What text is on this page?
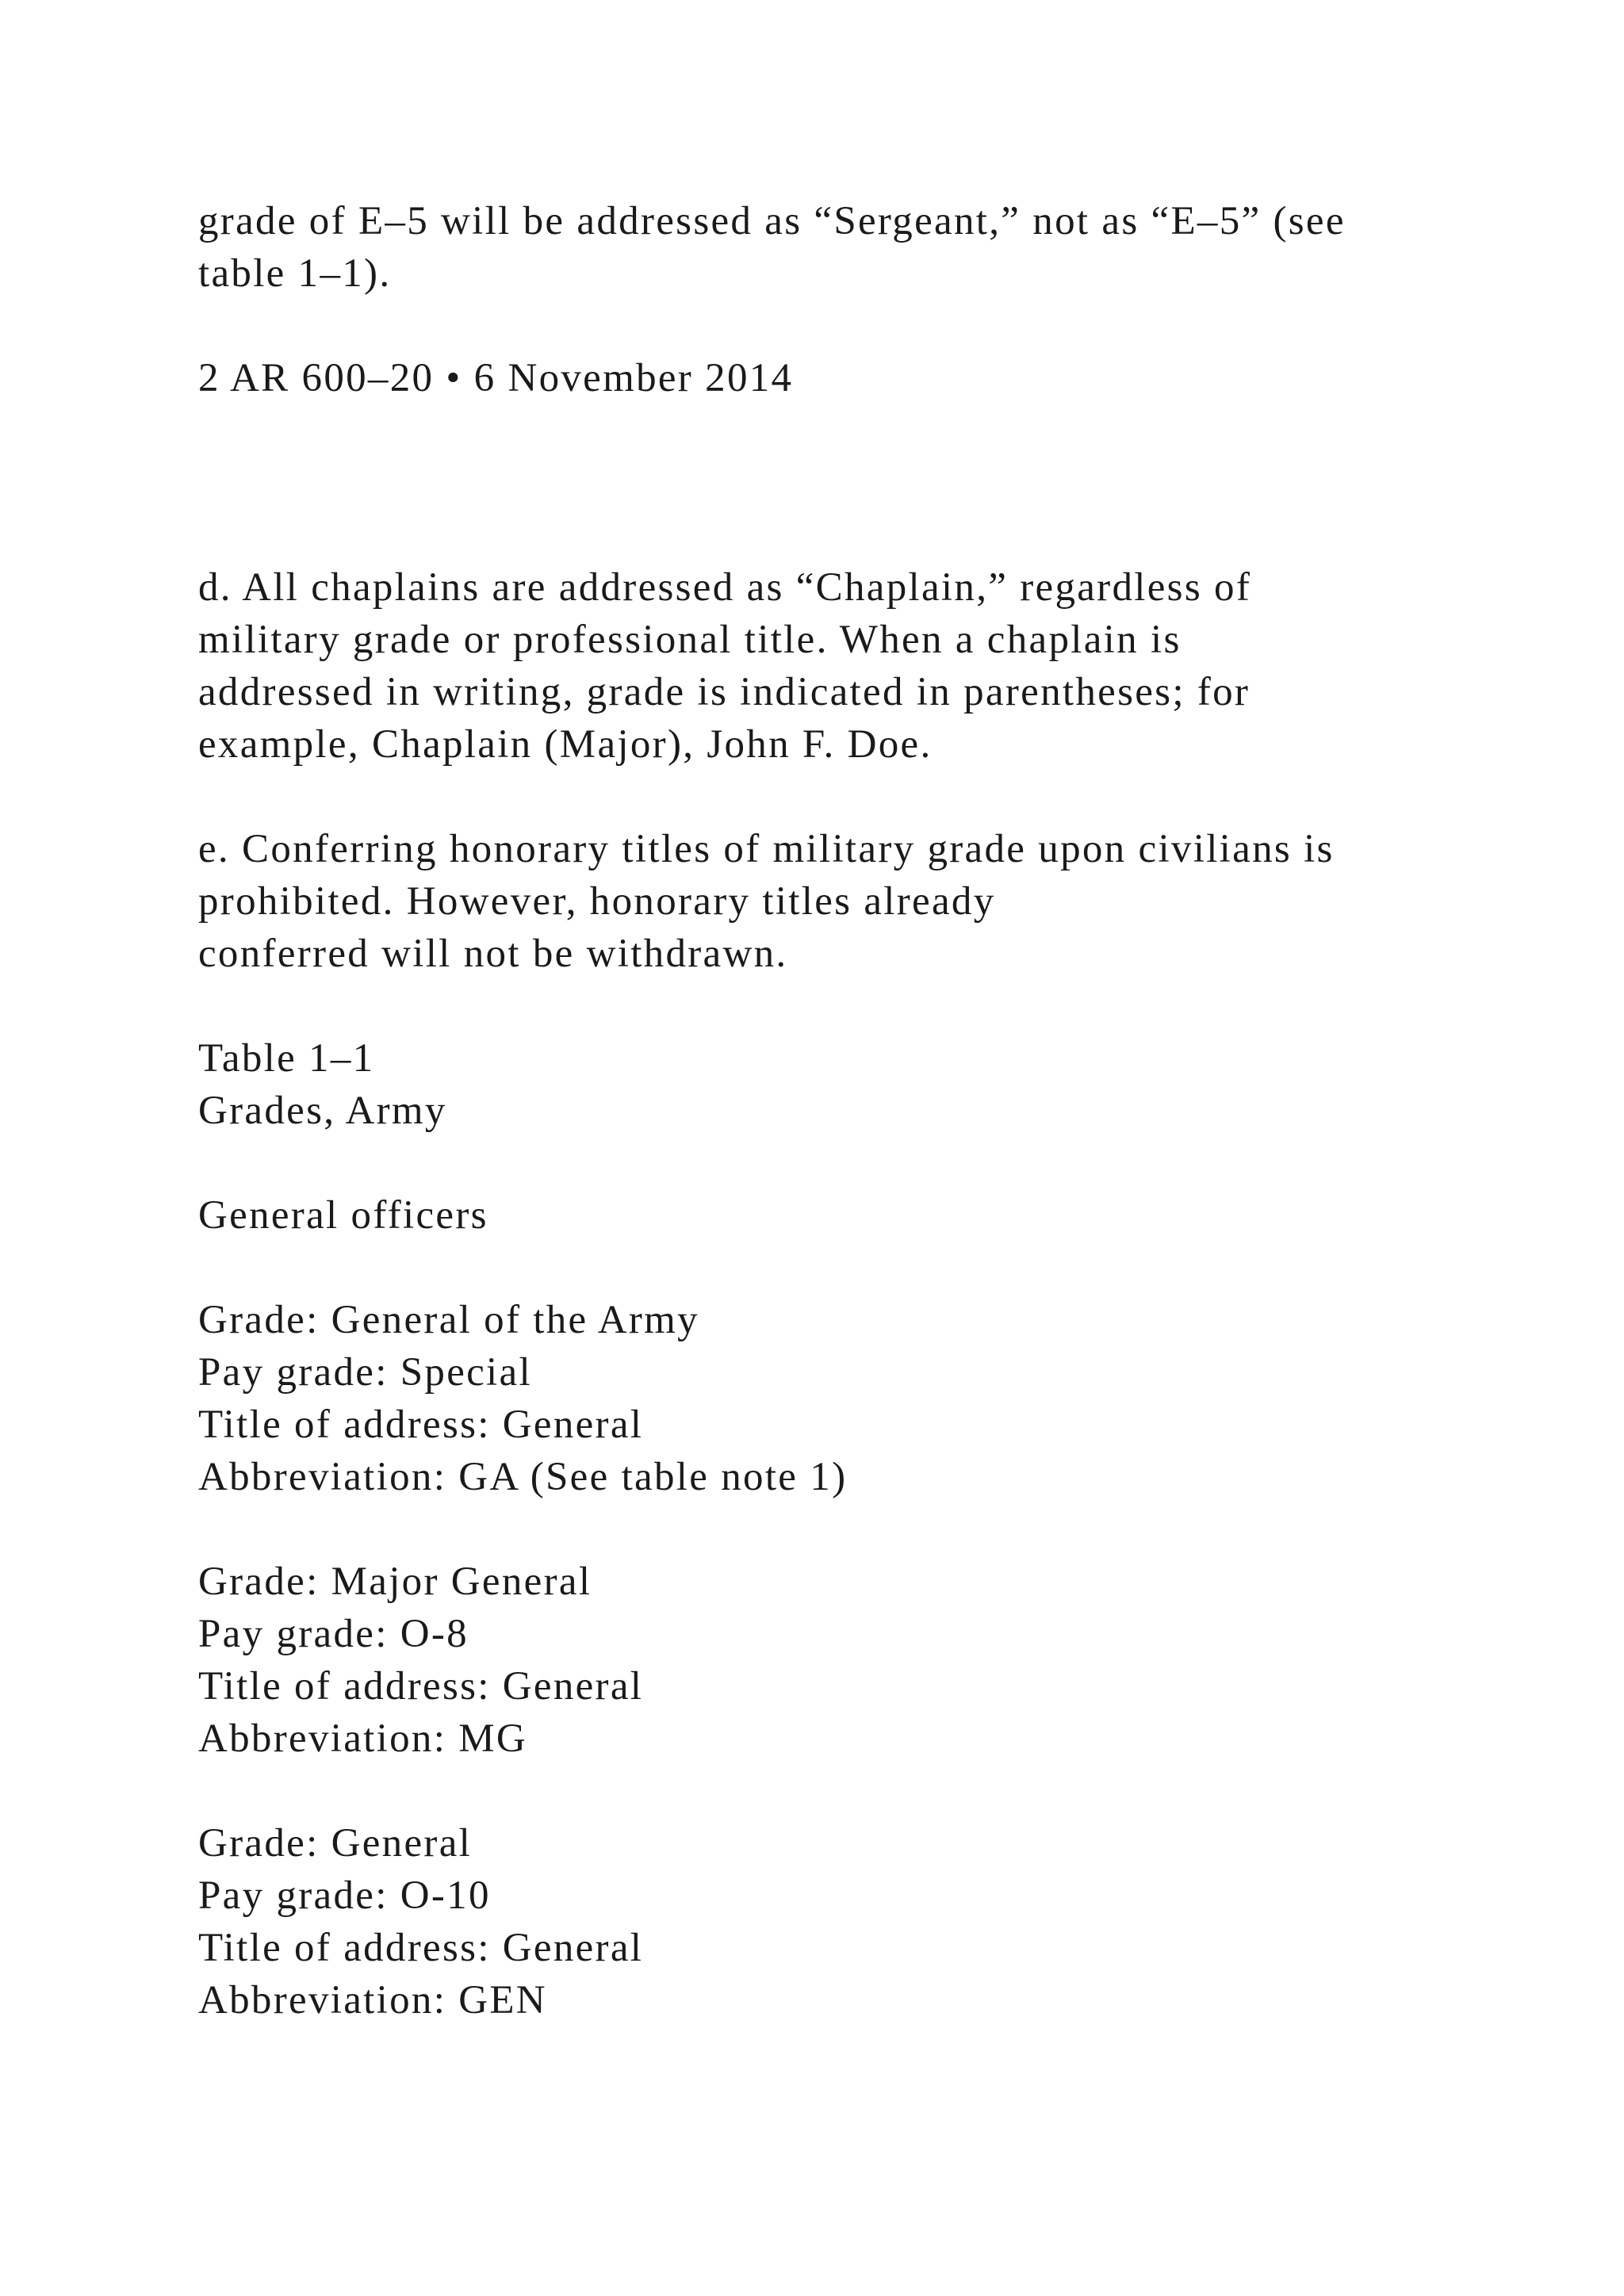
grade of E–5 will be addressed as “Sergeant,” not as “E–5” (see
table 1–1).
2 AR 600–20 • 6 November 2014
d. All chaplains are addressed as “Chaplain,” regardless of
military grade or professional title. When a chaplain is
addressed in writing, grade is indicated in parentheses; for
example, Chaplain (Major), John F. Doe.
e. Conferring honorary titles of military grade upon civilians is
prohibited. However, honorary titles already
conferred will not be withdrawn.
Table 1–1
Grades, Army
General officers
Grade: General of the Army
Pay grade: Special
Title of address: General
Abbreviation: GA (See table note 1)
Grade: Major General
Pay grade: O-8
Title of address: General
Abbreviation: MG
Grade: General
Pay grade: O-10
Title of address: General
Abbreviation: GEN
